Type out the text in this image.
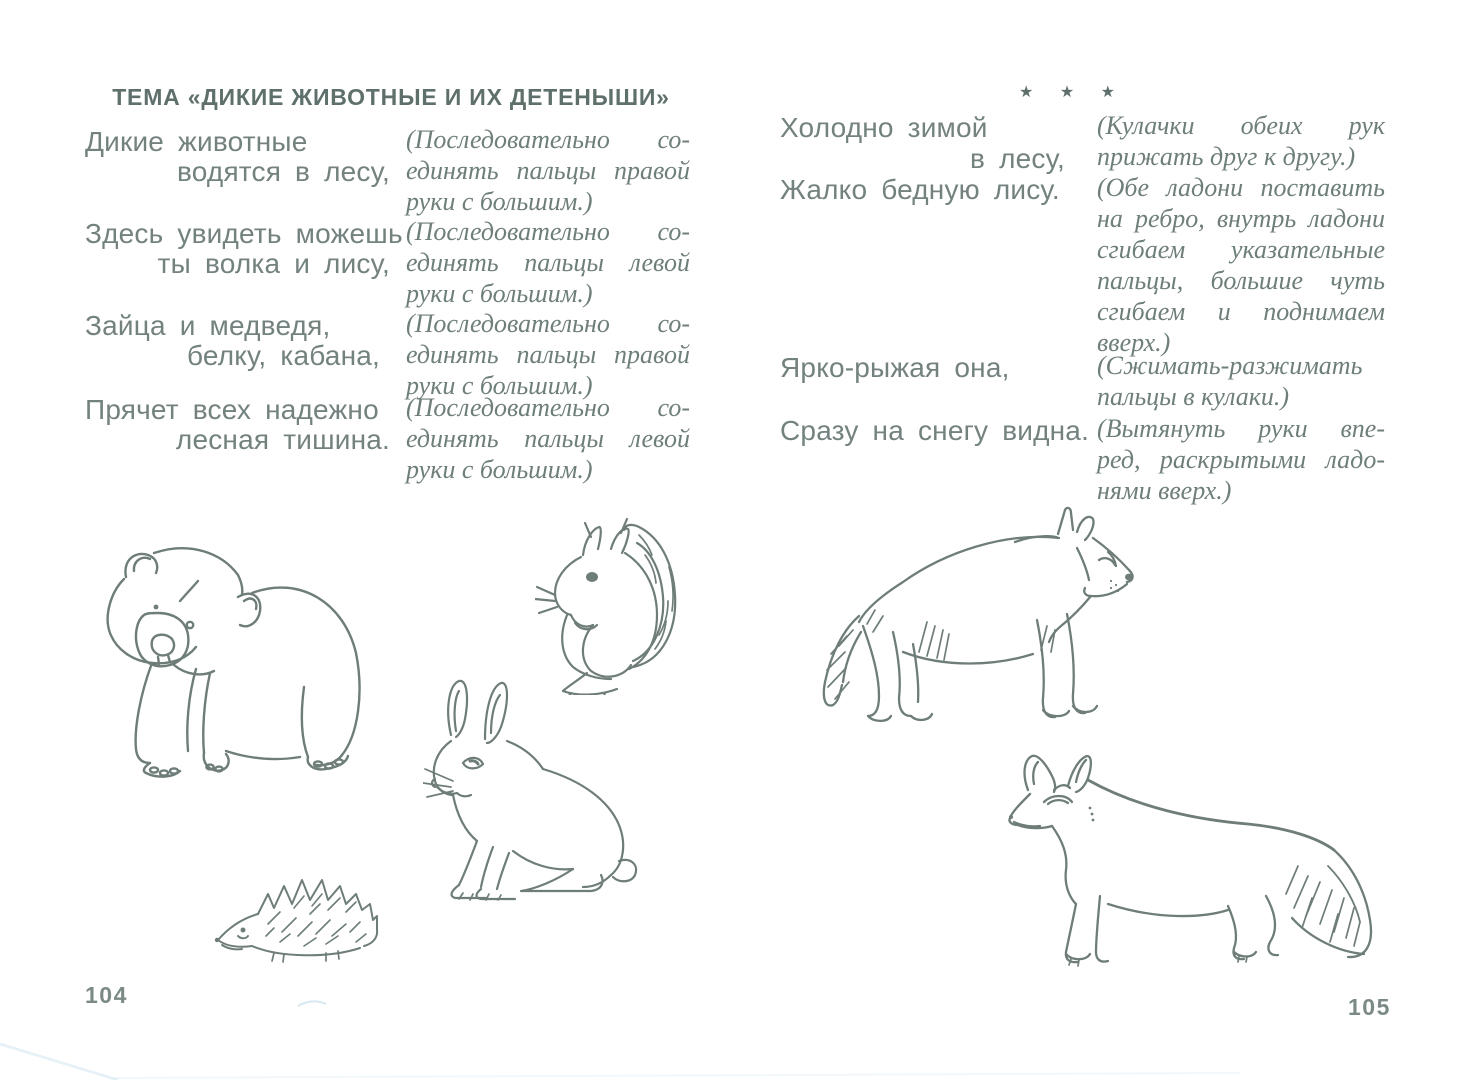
ТЕМА «ДИКИЕ ЖИВОТНЫЕ И ИХ ДЕТЕНЫШИ»
Дикие животные
водятся в лесу,
Здесь увидеть можешь
ты волка и лису,
Зайца и медведя,
белку, кабана,
Прячет всех надежно
лесная тишина.
(Последовательно со-
единять пальцы правой
руки с большим.)
(Последовательно со-
единять пальцы левой
руки с большим.)
(Последовательно со-
единять пальцы правой
руки с большим.)
(Последовательно со-
единять пальцы левой
руки с большим.)
104
★ ★ ★
Холодно зимой
в лесу,
Жалко бедную лису.
Ярко-рыжая она,
Сразу на снегу видна.
(Кулачки обеих рук
прижать друг к другу.)
(Обе ладони поставить
на ребро, внутрь ладони
сгибаем указательные
пальцы, большие чуть
сгибаем и поднимаем
вверх.)
(Сжимать-разжимать
пальцы в кулаки.)
(Вытянуть руки впе-
ред, раскрытыми ладо-
нями вверх.)
105
